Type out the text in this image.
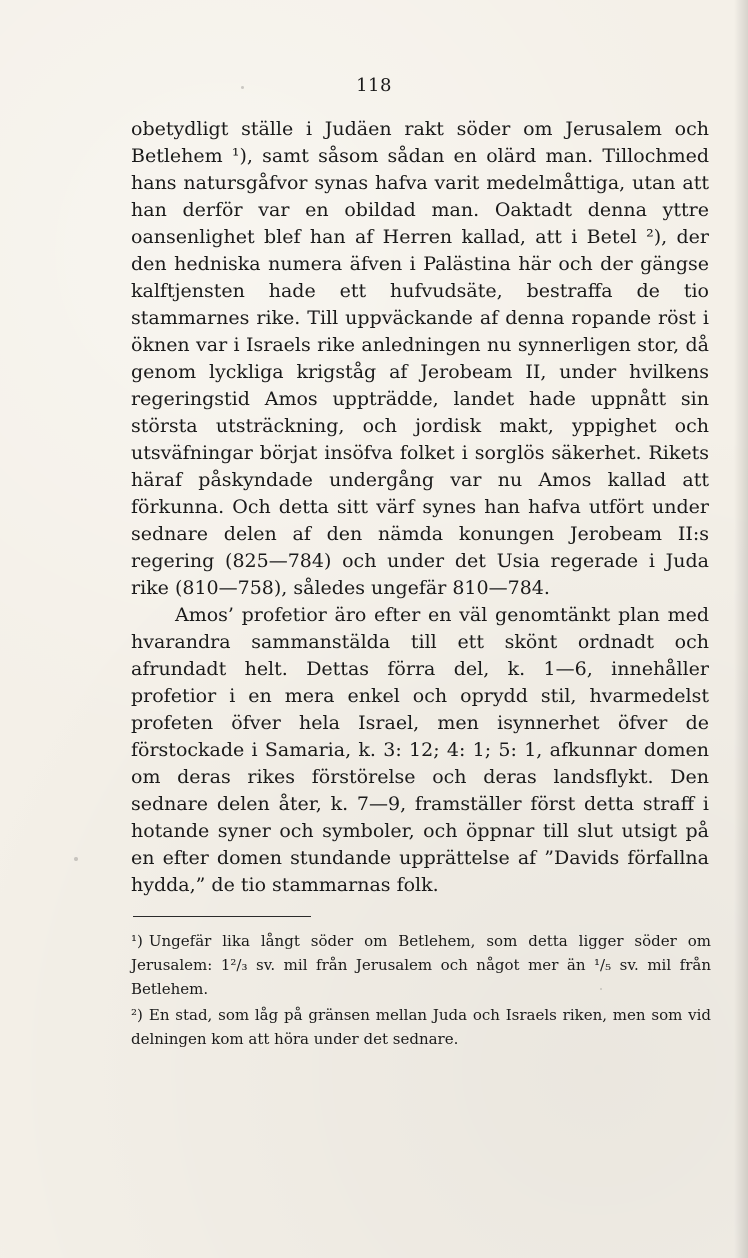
118

obetydligt ställe i Judäen rakt söder om Jerusalem och Betlehem ¹), samt såsom sådan en olärd man. Tillochmed hans natursgåfvor synas hafva varit medelmåttiga, utan att han derför var en obildad man. Oaktadt denna yttre oansenlighet blef han af Herren kallad, att i Betel ²), der den hedniska numera äfven i Palästina här och der gängse kalftjensten hade ett hufvudsäte, bestraffa de tio stammarnes rike. Till uppväckande af denna ropande röst i öknen var i Israels rike anledningen nu synnerligen stor, då genom lyckliga krigståg af Jerobeam II, under hvilkens regeringstid Amos uppträdde, landet hade uppnått sin största utsträckning, och jordisk makt, yppighet och utsväfningar börjat insöfva folket i sorglös säkerhet. Rikets häraf påskyndade undergång var nu Amos kallad att förkunna. Och detta sitt värf synes han hafva utfört under sednare delen af den nämda konungen Jerobeam II:s regering (825—784) och under det Usia regerade i Juda rike (810—758), således ungefär 810—784.

Amos’ profetior äro efter en väl genomtänkt plan med hvarandra sammanstälda till ett skönt ordnadt och afrundadt helt. Dettas förra del, k. 1—6, innehåller profetior i en mera enkel och oprydd stil, hvarmedelst profeten öfver hela Israel, men isynnerhet öfver de förstockade i Samaria, k. 3: 12; 4: 1; 5: 1, afkunnar domen om deras rikes förstörelse och deras landsflykt. Den sednare delen åter, k. 7—9, framställer först detta straff i hotande syner och symboler, och öppnar till slut utsigt på en efter domen stundande upprättelse af ”Davids förfallna hydda,” de tio stammarnas folk.

¹) Ungefär lika långt söder om Betlehem, som detta ligger söder om Jerusalem: 1²/₃ sv. mil från Jerusalem och något mer än ¹/₅ sv. mil från Betlehem.

²) En stad, som låg på gränsen mellan Juda och Israels riken, men som vid delningen kom att höra under det sednare.
